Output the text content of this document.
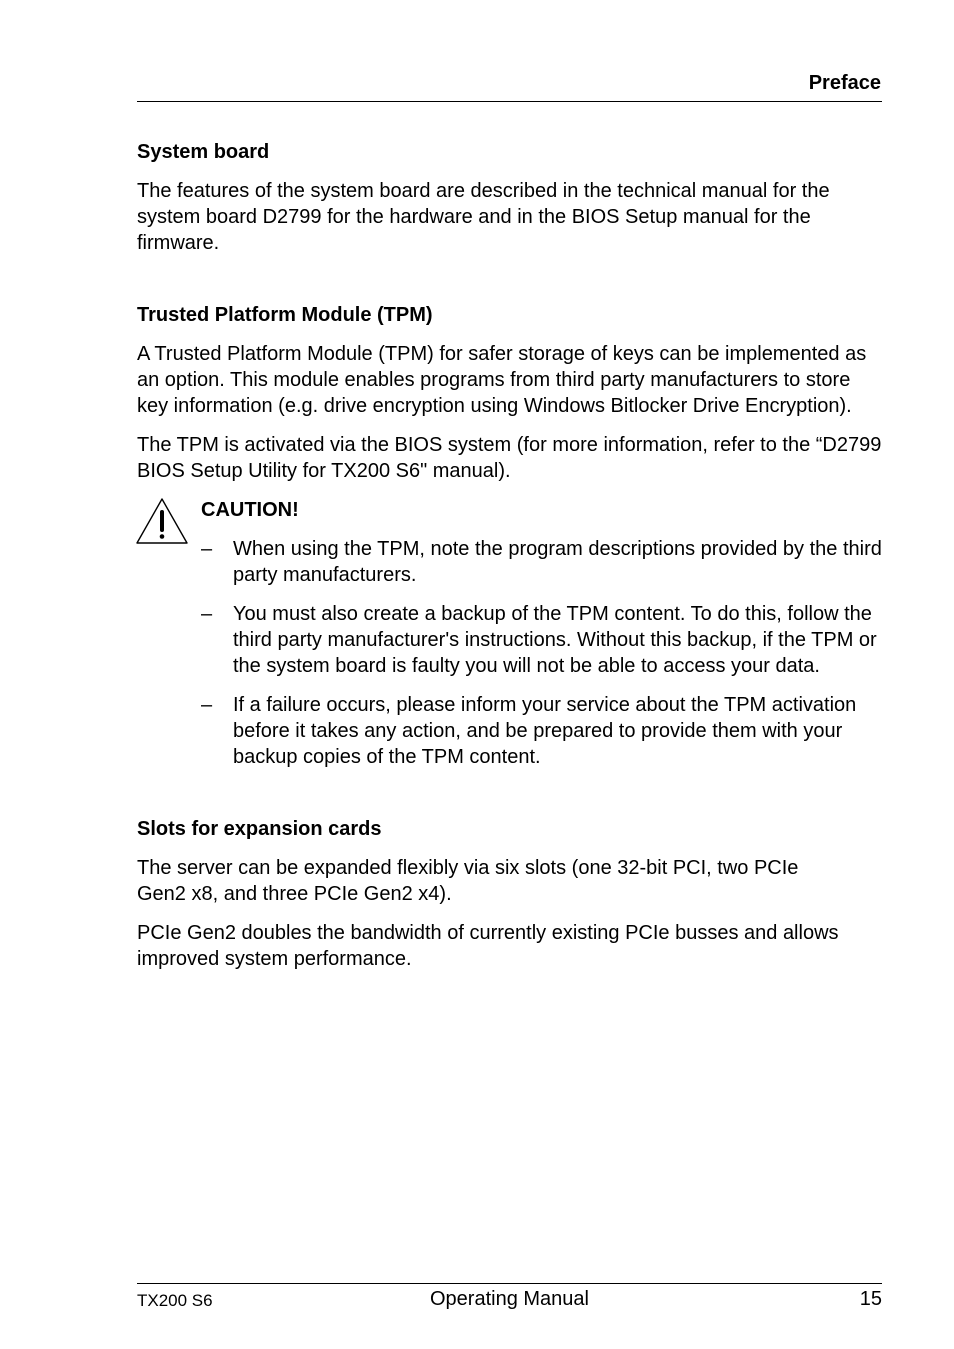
Preface
System board

The features of the system board are described in the technical manual for the system board D2799 for the hardware and in the BIOS Setup manual for the firmware.

Trusted Platform Module (TPM)

A Trusted Platform Module (TPM) for safer storage of keys can be implemented as an option. This module enables programs from third party manufacturers to store key information (e.g. drive encryption using Windows Bitlocker Drive Encryption).

The TPM is activated via the BIOS system (for more information, refer to the “D2799 BIOS Setup Utility for TX200 S6" manual).

CAUTION!
– When using the TPM, note the program descriptions provided by the third party manufacturers.
– You must also create a backup of the TPM content. To do this, follow the third party manufacturer's instructions. Without this backup, if the TPM or the system board is faulty you will not be able to access your data.
– If a failure occurs, please inform your service about the TPM activation before it takes any action, and be prepared to provide them with your backup copies of the TPM content.
Slots for expansion cards

The server can be expanded flexibly via six slots (one 32-bit PCI, two PCIe Gen2 x8, and three PCIe Gen2 x4).

PCIe Gen2 doubles the bandwidth of currently existing PCIe busses and allows improved system performance.

TX200 S6	Operating Manual	15
